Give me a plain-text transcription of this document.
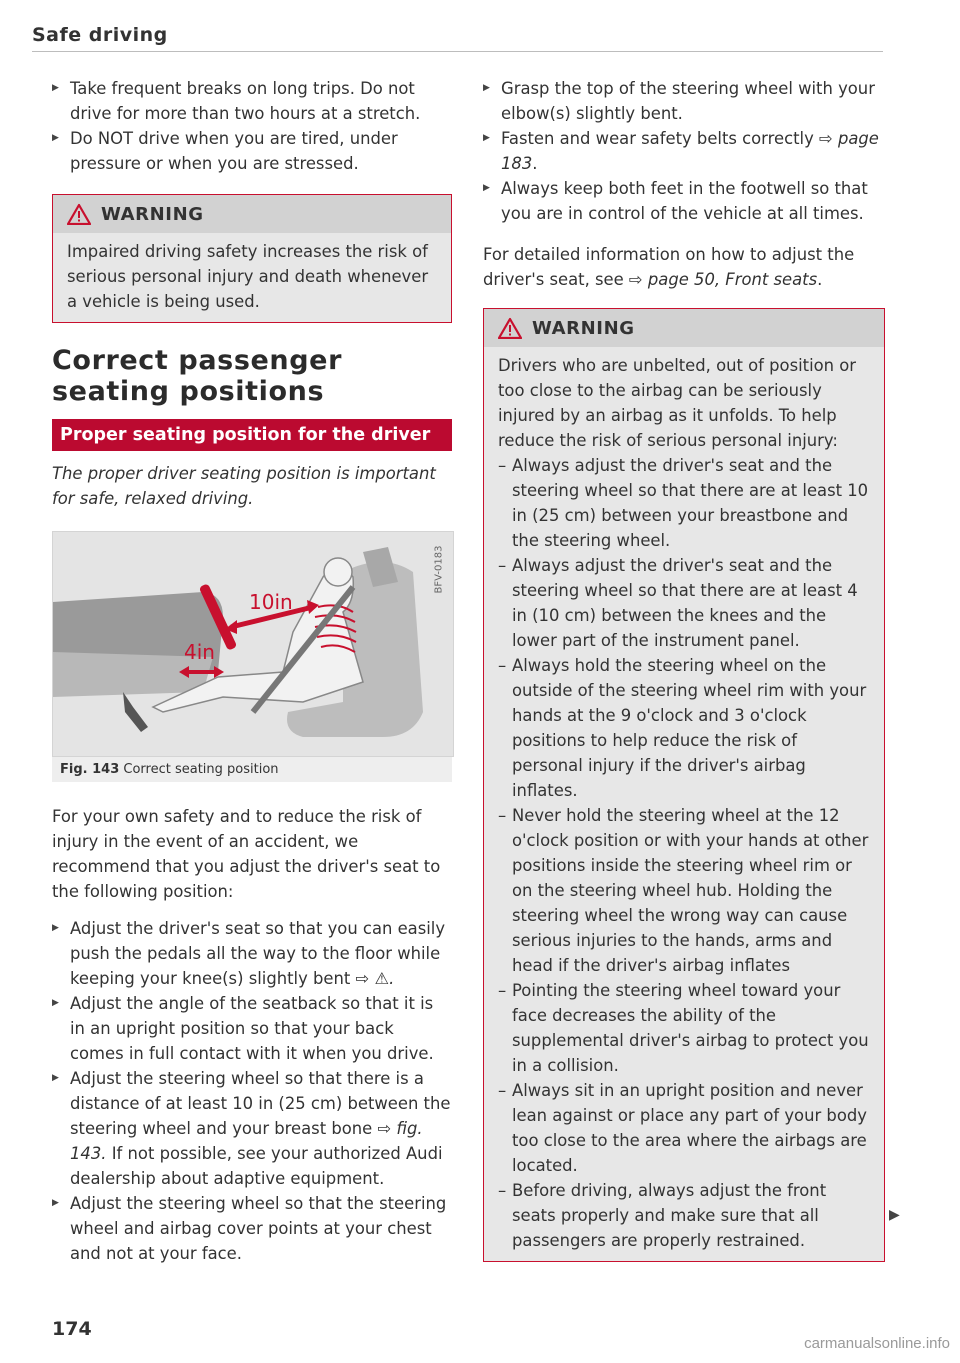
Safe driving
▶ Take frequent breaks on long trips. Do not drive for more than two hours at a stretch.
▶ Do NOT drive when you are tired, under pressure or when you are stressed.
WARNING
Impaired driving safety increases the risk of serious personal injury and death whenever a vehicle is being used.
Correct passenger seating positions
Proper seating position for the driver

The proper driver seating position is important for safe, relaxed driving.

10in
4in
BFV-0183
Fig. 143 Correct seating position

For your own safety and to reduce the risk of injury in the event of an accident, we recommend that you adjust the driver's seat to the following position:

▶ Adjust the driver's seat so that you can easily push the pedals all the way to the floor while keeping your knee(s) slightly bent ⇨ ⚠.
▶ Adjust the angle of the seatback so that it is in an upright position so that your back comes in full contact with it when you drive.
▶ Adjust the steering wheel so that there is a distance of at least 10 in (25 cm) between the steering wheel and your breast bone ⇨ fig. 143. If not possible, see your authorized Audi dealership about adaptive equipment.
▶ Adjust the steering wheel so that the steering wheel and airbag cover points at your chest and not at your face.
▶ Grasp the top of the steering wheel with your elbow(s) slightly bent.
▶ Fasten and wear safety belts correctly ⇨ page 183.
▶ Always keep both feet in the footwell so that you are in control of the vehicle at all times.

For detailed information on how to adjust the driver's seat, see ⇨ page 50, Front seats.

WARNING
Drivers who are unbelted, out of position or too close to the airbag can be seriously injured by an airbag as it unfolds. To help reduce the risk of serious personal injury:
– Always adjust the driver's seat and the steering wheel so that there are at least 10 in (25 cm) between your breastbone and the steering wheel.
– Always adjust the driver's seat and the steering wheel so that there are at least 4 in (10 cm) between the knees and the lower part of the instrument panel.
– Always hold the steering wheel on the outside of the steering wheel rim with your hands at the 9 o'clock and 3 o'clock positions to help reduce the risk of personal injury if the driver's airbag inflates.
– Never hold the steering wheel at the 12 o'clock position or with your hands at other positions inside the steering wheel rim or on the steering wheel hub. Holding the steering wheel the wrong way can cause serious injuries to the hands, arms and head if the driver's airbag inflates
– Pointing the steering wheel toward your face decreases the ability of the supplemental driver's airbag to protect you in a collision.
– Always sit in an upright position and never lean against or place any part of your body too close to the area where the airbags are located.
– Before driving, always adjust the front seats properly and make sure that all passengers are properly restrained.
▶
174
carmanualsonline.info
